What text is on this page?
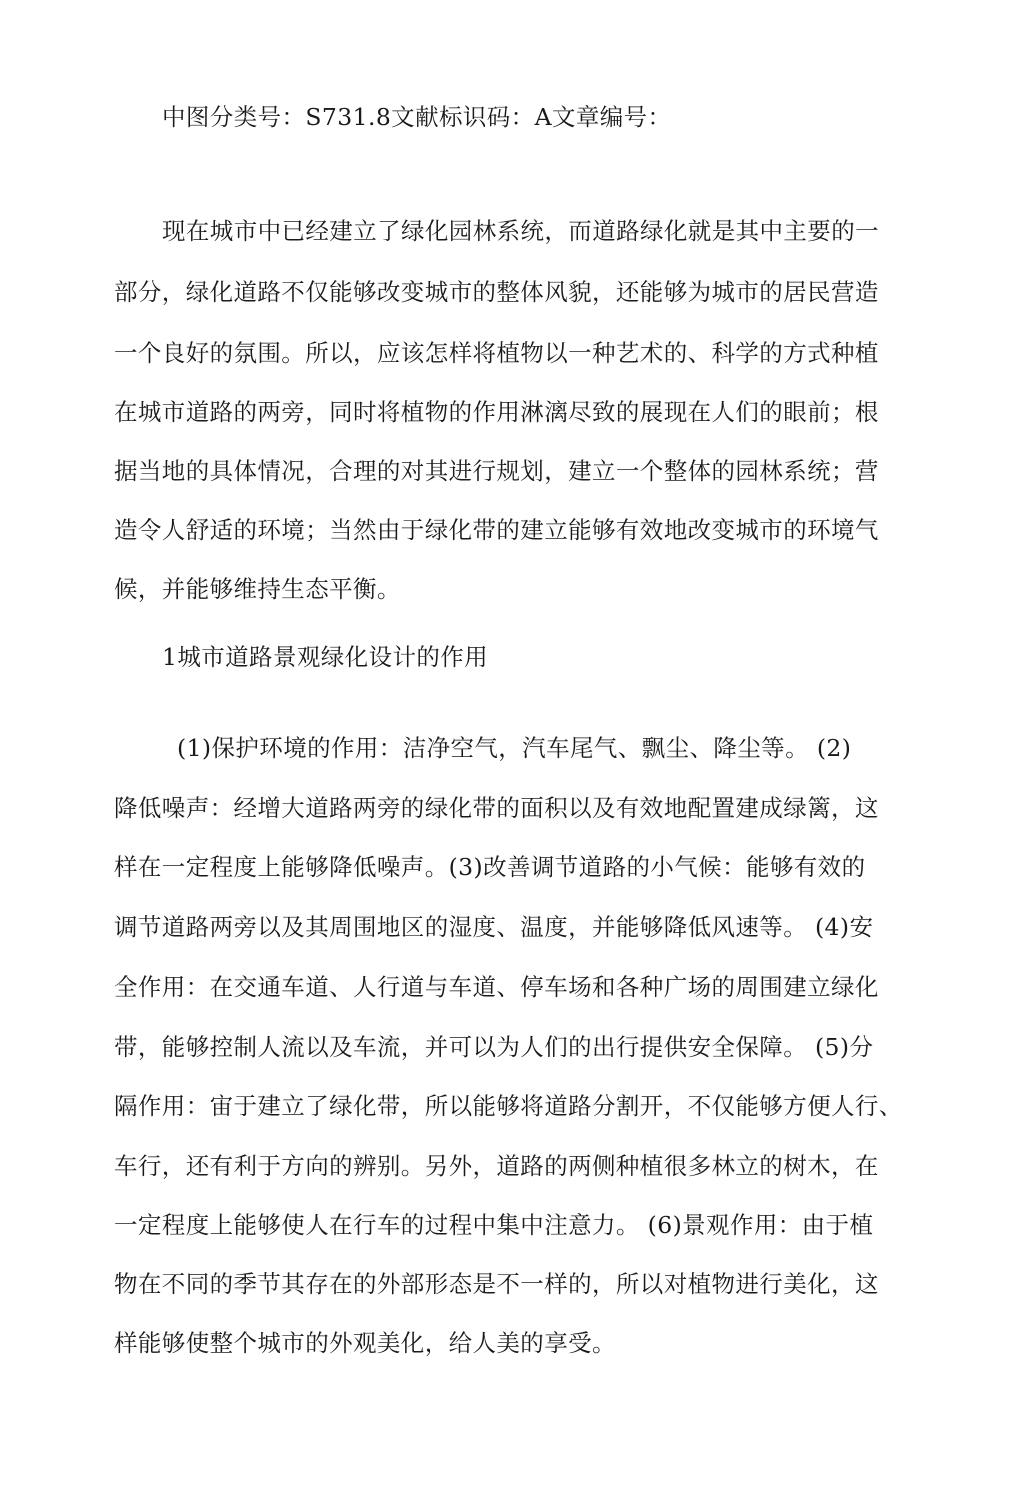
中图分类号：S731.8文献标识码：A文章编号：
现在城市中已经建立了绿化园林系统，而道路绿化就是其中主要的一
部分，绿化道路不仅能够改变城市的整体风貌，还能够为城市的居民营造
一个良好的氛围。所以，应该怎样将植物以一种艺术的、科学的方式种植
在城市道路的两旁，同时将植物的作用淋漓尽致的展现在人们的眼前；根
据当地的具体情况，合理的对其进行规划，建立一个整体的园林系统；营
造令人舒适的环境；当然由于绿化带的建立能够有效地改变城市的环境气
候，并能够维持生态平衡。
1城市道路景观绿化设计的作用
(1)保护环境的作用：洁净空气，汽车尾气、飘尘、降尘等。 (2)
降低噪声：经增大道路两旁的绿化带的面积以及有效地配置建成绿篱，这
样在一定程度上能够降低噪声。(3)改善调节道路的小气候：能够有效的
调节道路两旁以及其周围地区的湿度、温度，并能够降低风速等。 (4)安
全作用：在交通车道、人行道与车道、停车场和各种广场的周围建立绿化
带，能够控制人流以及车流，并可以为人们的出行提供安全保障。 (5)分
隔作用：宙于建立了绿化带，所以能够将道路分割开，不仅能够方便人行、
车行，还有利于方向的辨别。另外，道路的两侧种植很多林立的树木，在
一定程度上能够使人在行车的过程中集中注意力。 (6)景观作用：由于植
物在不同的季节其存在的外部形态是不一样的，所以对植物进行美化，这
样能够使整个城市的外观美化，给人美的享受。
